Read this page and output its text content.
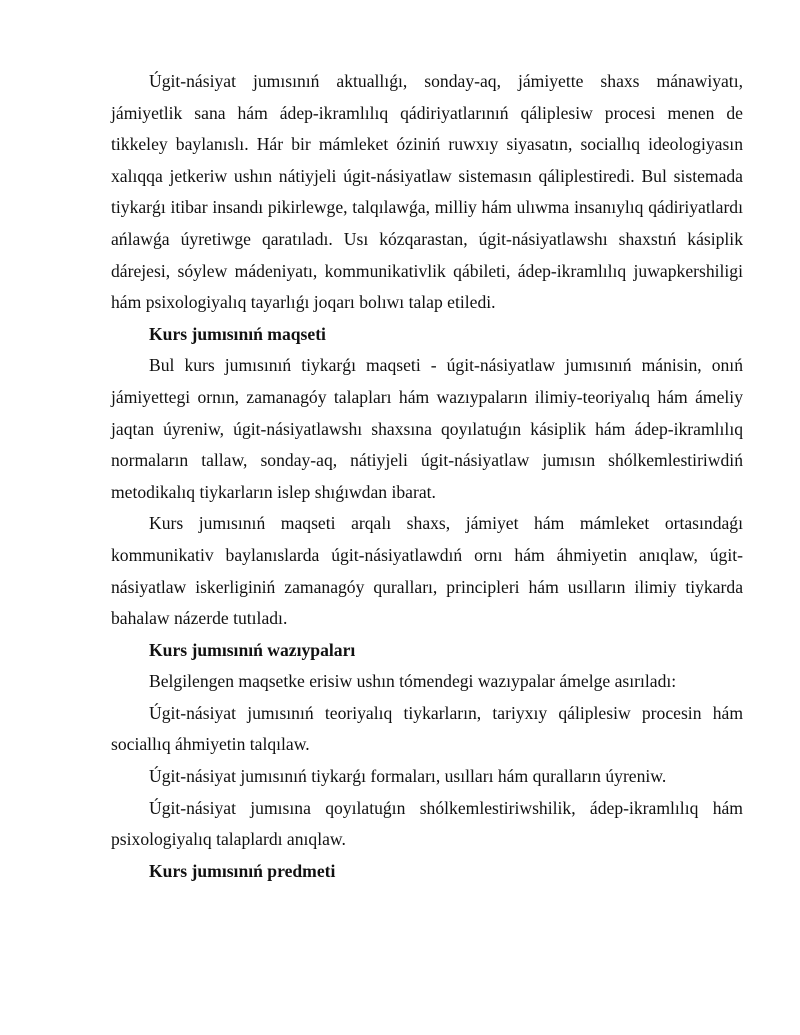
Úgit-násiyat jumısınıń aktuallıǵı, sonday-aq, jámiyette shaxs mánawiyatı, jámiyetlik sana hám ádep-ikramlılıq qádiriyatlarınıń qáliplesiw procesi menen de tikkeley baylanıslı. Hár bir mámleket óziniń ruwxıy siyasatın, sociallıq ideologiyasın xalıqqa jetkeriw ushın nátiyjeli úgit-násiyatlaw sistemasın qáliplestiredi. Bul sistemada tiykarǵı itibar insandı pikirlewge, talqılawǵa, milliy hám ulıwma insanıylıq qádiriyatlardı ańlawǵa úyretiwge qaratıladı. Usı kózqarastan, úgit-násiyatlawshı shaxstıń kásiplik dárejesi, sóylew mádeniyatı, kommunikativlik qábileti, ádep-ikramlılıq juwapkershiligi hám psixologiyalıq tayarlıǵı joqarı bolıwı talap etiledi.

Kurs jumısınıń maqseti

Bul kurs jumısınıń tiykarǵı maqseti - úgit-násiyatlaw jumısınıń mánisin, onıń jámiyettegi ornın, zamanagóy talapları hám wazıypaların ilimiy-teoriyalıq hám ámeliy jaqtan úyreniw, úgit-násiyatlawshı shaxsına qoyılatuǵın kásiplik hám ádep-ikramlılıq normaların tallaw, sonday-aq, nátiyjeli úgit-násiyatlaw jumısın shólkemlestiriwdiń metodikalıq tiykarların islep shıǵıwdan ibarat.

Kurs jumısınıń maqseti arqalı shaxs, jámiyet hám mámleket ortasındaǵı kommunikativ baylanıslarda úgit-násiyatlawdıń ornı hám áhmiyetin anıqlaw, úgit-násiyatlaw iskerliginiń zamanagóy quralları, principleri hám usılların ilimiy tiykarda bahalaw názerde tutıladı.

Kurs jumısınıń wazıypaları

Belgilengen maqsetke erisiw ushın tómendegi wazıypalar ámelge asırıladı:

Úgit-násiyat jumısınıń teoriyalıq tiykarların, tariyxıy qáliplesiw procesin hám sociallıq áhmiyetin talqılaw.

Úgit-násiyat jumısınıń tiykarǵı formaları, usılları hám quralların úyreniw.

Úgit-násiyat jumısına qoyılatuǵın shólkemlestiriwshilik, ádep-ikramlılıq hám psixologiyalıq talaplardı anıqlaw.

Kurs jumısınıń predmeti
